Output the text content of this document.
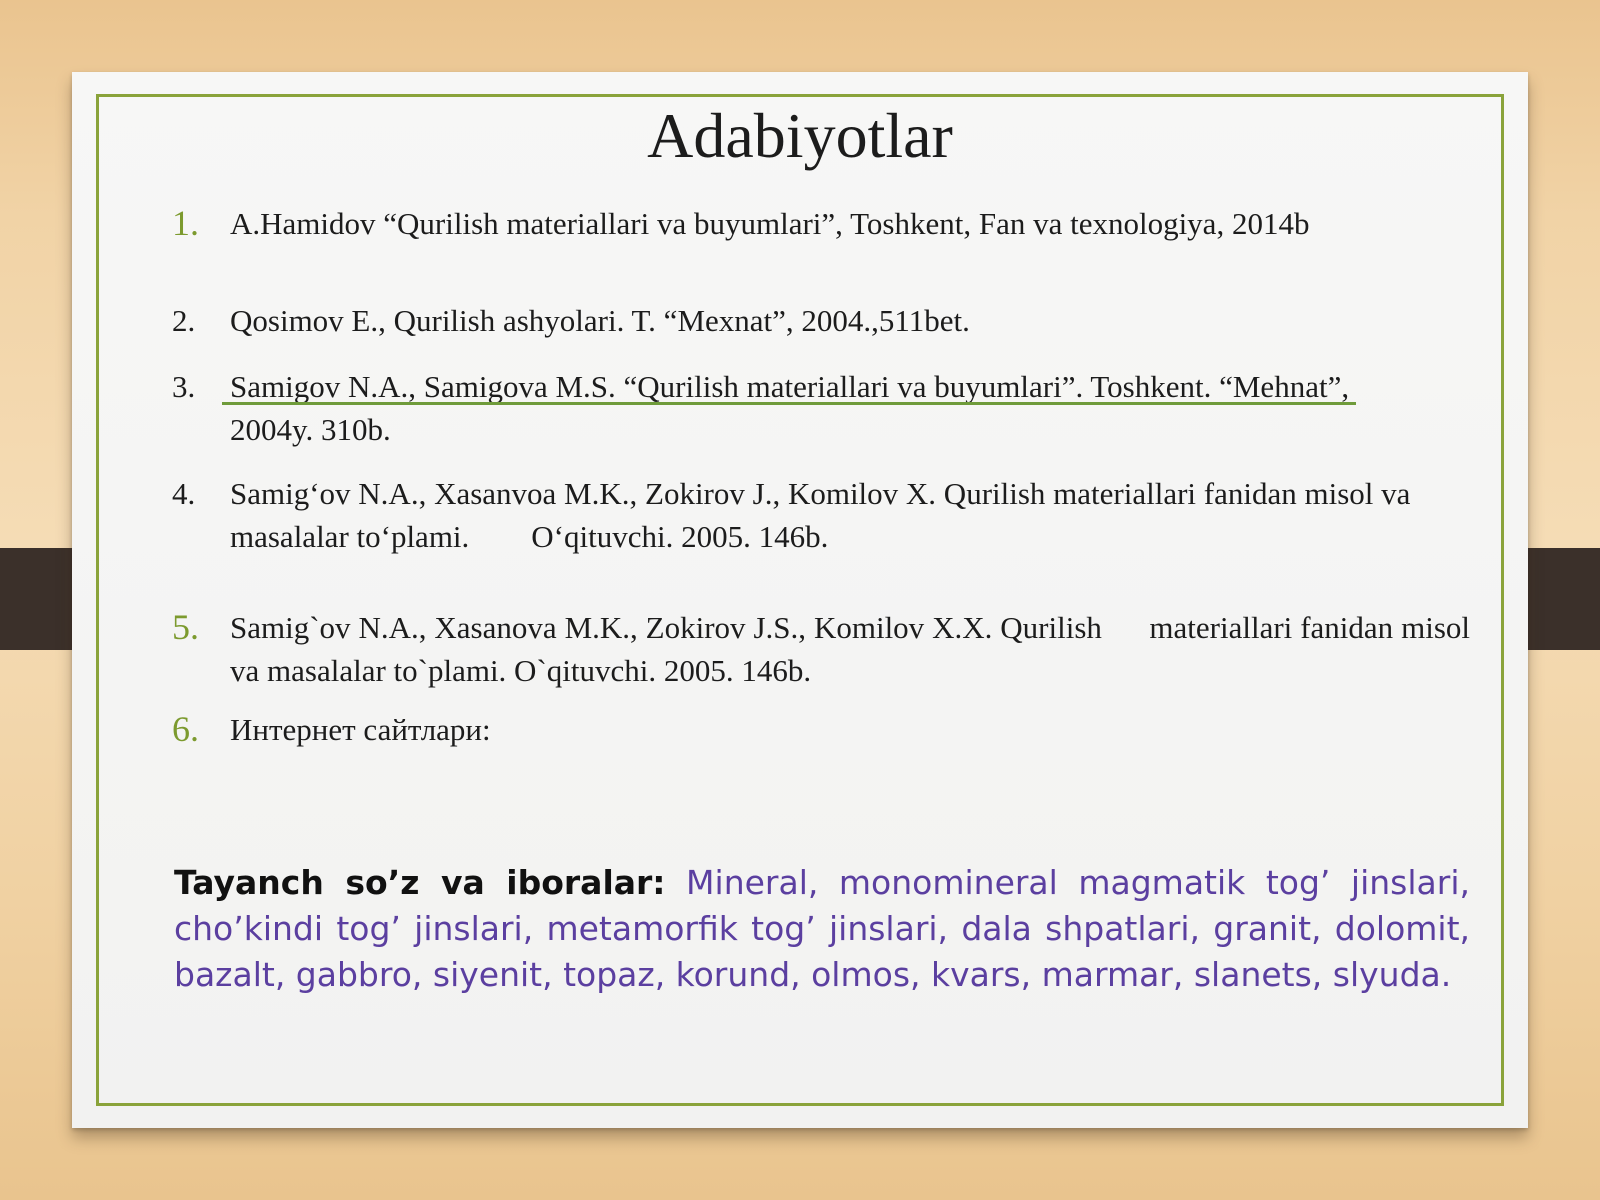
Adabiyotlar
1.	A.Hamidov “Qurilish materiallari va buyumlari”, Toshkent, Fan va texnologiya, 2014b
2.	Qosimov E., Qurilish ashyolari. T. “Mexnat”, 2004.,511bet.
3.	Samigov N.A., Samigova M.S. “Qurilish materiallari va buyumlari”. Toshkent. “Mehnat”, 2004y. 310b.
4.	Samig‘ov N.A., Xasanvoa M.K., Zokirov J., Komilov X. Qurilish materiallari fanidan misol va masalalar to‘plami.        O‘qituvchi. 2005. 146b.
5.	Samig`ov N.A., Xasanova M.K., Zokirov J.S., Komilov X.X. Qurilish      materiallari fanidan misol va masalalar to`plami. O`qituvchi. 2005. 146b.
6.	Интернет сайтлари:
Tayanch so’z va iboralar: Mineral, monomineral magmatik tog’ jinslari, cho’kindi tog’ jinslari, metamorfik tog’ jinslari, dala shpatlari, granit, dolomit, bazalt, gabbro, siyenit, topaz, korund, olmos, kvars, marmar, slanets, slyuda.
